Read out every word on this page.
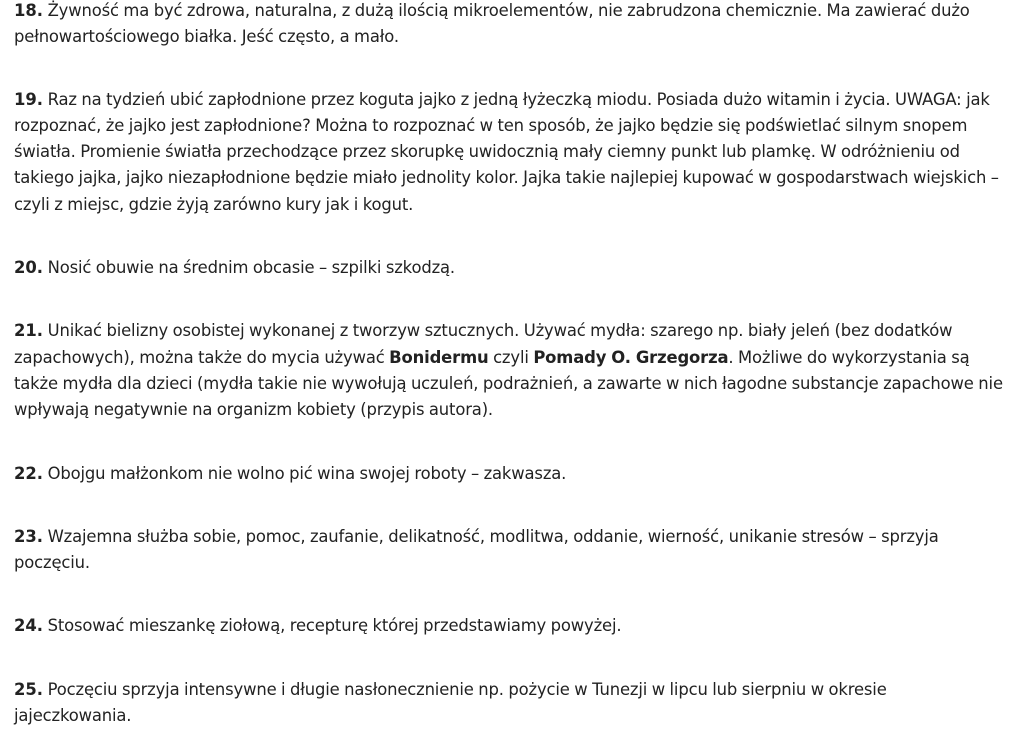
18. Żywność ma być zdrowa, naturalna, z dużą ilością mikroelementów, nie zabrudzona chemicznie. Ma zawierać dużo pełnowartościowego białka. Jeść często, a mało.

19. Raz na tydzień ubić zapłodnione przez koguta jajko z jedną łyżeczką miodu. Posiada dużo witamin i życia. UWAGA: jak rozpoznać, że jajko jest zapłodnione? Można to rozpoznać w ten sposób, że jajko będzie się podświetlać silnym snopem światła. Promienie światła przechodzące przez skorupkę uwidocznią mały ciemny punkt lub plamkę. W odróżnieniu od takiego jajka, jajko niezapłodnione będzie miało jednolity kolor. Jajka takie najlepiej kupować w gospodarstwach wiejskich – czyli z miejsc, gdzie żyją zarówno kury jak i kogut.

20. Nosić obuwie na średnim obcasie – szpilki szkodzą.

21. Unikać bielizny osobistej wykonanej z tworzyw sztucznych. Używać mydła: szarego np. biały jeleń (bez dodatków zapachowych), można także do mycia używać Bonidermu czyli Pomady O. Grzegorza. Możliwe do wykorzystania są także mydła dla dzieci (mydła takie nie wywołują uczuleń, podrażnień, a zawarte w nich łagodne substancje zapachowe nie wpływają negatywnie na organizm kobiety (przypis autora).

22. Obojgu małżonkom nie wolno pić wina swojej roboty – zakwasza.

23. Wzajemna służba sobie, pomoc, zaufanie, delikatność, modlitwa, oddanie, wierność, unikanie stresów – sprzyja poczęciu.

24. Stosować mieszankę ziołową, recepturę której przedstawiamy powyżej.

25. Poczęciu sprzyja intensywne i długie nasłonecznienie np. pożycie w Tunezji w lipcu lub sierpniu w okresie jajeczkowania.
